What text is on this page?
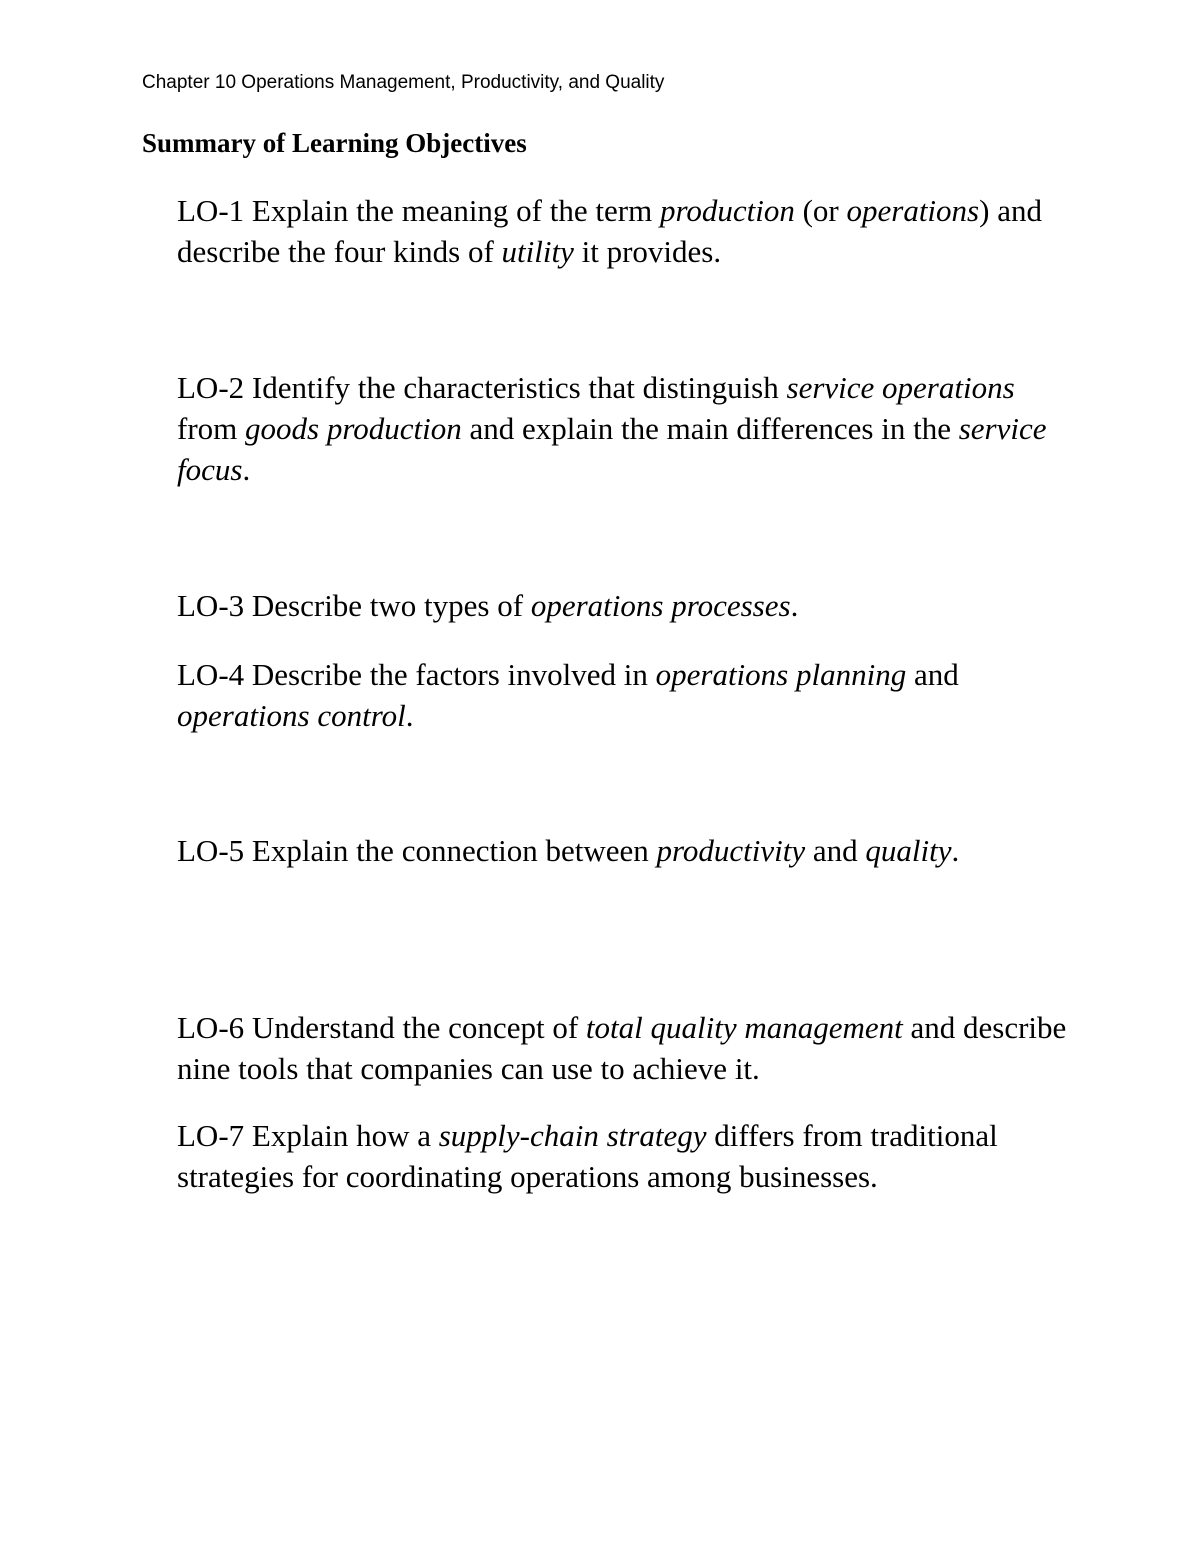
Chapter 10 Operations Management, Productivity, and Quality
Summary of Learning Objectives

LO-1 Explain the meaning of the term production (or operations) and describe the four kinds of utility it provides.

LO-2 Identify the characteristics that distinguish service operations from goods production and explain the main differences in the service focus.

LO-3 Describe two types of operations processes.

LO-4 Describe the factors involved in operations planning and operations control.

LO-5 Explain the connection between productivity and quality.

LO-6 Understand the concept of total quality management and describe nine tools that companies can use to achieve it.

LO-7 Explain how a supply-chain strategy differs from traditional strategies for coordinating operations among businesses.
